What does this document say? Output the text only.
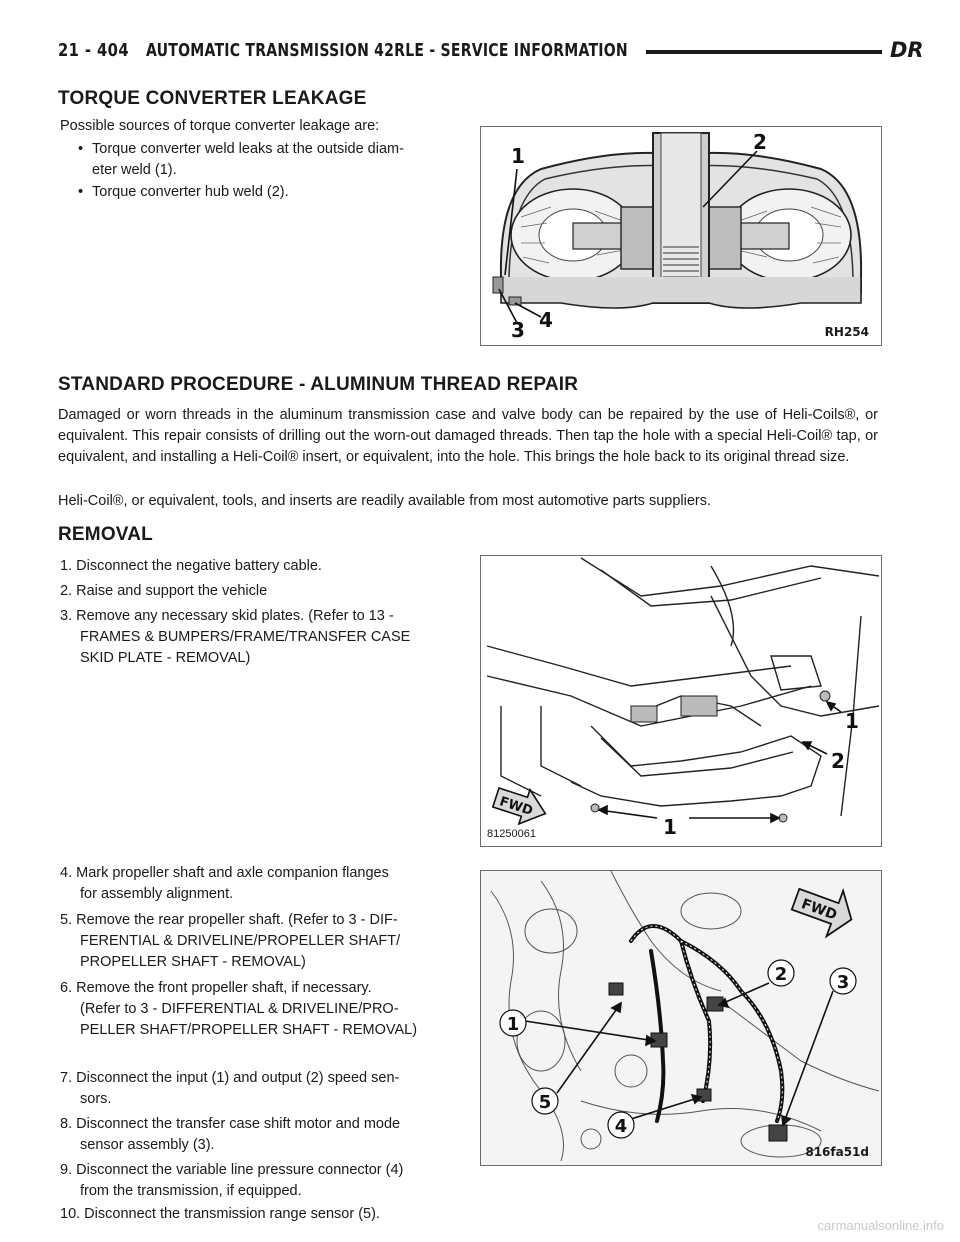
21 - 404 AUTOMATIC TRANSMISSION 42RLE - SERVICE INFORMATION	DR
TORQUE CONVERTER LEAKAGE

Possible sources of torque converter leakage are:

• Torque converter weld leaks at the outside diam-
eter weld (1).
• Torque converter hub weld (2).
1
2
3 4	RH254
STANDARD PROCEDURE - ALUMINUM THREAD REPAIR

Damaged or worn threads in the aluminum transmission case and valve body can be repaired by the use of Heli-Coils®, or equivalent. This repair consists of drilling out the worn-out damaged threads. Then tap the hole with a special Heli-Coil® tap, or equivalent, and installing a Heli-Coil® insert, or equivalent, into the hole. This brings the hole back to its original thread size.

Heli-Coil®, or equivalent, tools, and inserts are readily available from most automotive parts suppliers.

REMOVAL
1. Disconnect the negative battery cable.
2. Raise and support the vehicle
3. Remove any necessary skid plates. (Refer to 13 -
FRAMES & BUMPERS/FRAME/TRANSFER CASE SKID PLATE - REMOVAL)
FWD
1
2
1
81250061
4. Mark propeller shaft and axle companion flanges
for assembly alignment.
5. Remove the rear propeller shaft. (Refer to 3 - DIF-
FERENTIAL & DRIVELINE/PROPELLER SHAFT/ PROPELLER SHAFT - REMOVAL)
6. Remove the front propeller shaft, if necessary.
(Refer to 3 - DIFFERENTIAL & DRIVELINE/PRO- PELLER SHAFT/PROPELLER SHAFT - REMOVAL)
7. Disconnect the input (1) and output (2) speed sen-
sors.
8. Disconnect the transfer case shift motor and mode
sensor assembly (3).
9. Disconnect the variable line pressure connector (4)
from the transmission, if equipped.
10. Disconnect the transmission range sensor (5).
FWD
1
2	3
4
5
816fa51d
carmanualsonline.info
